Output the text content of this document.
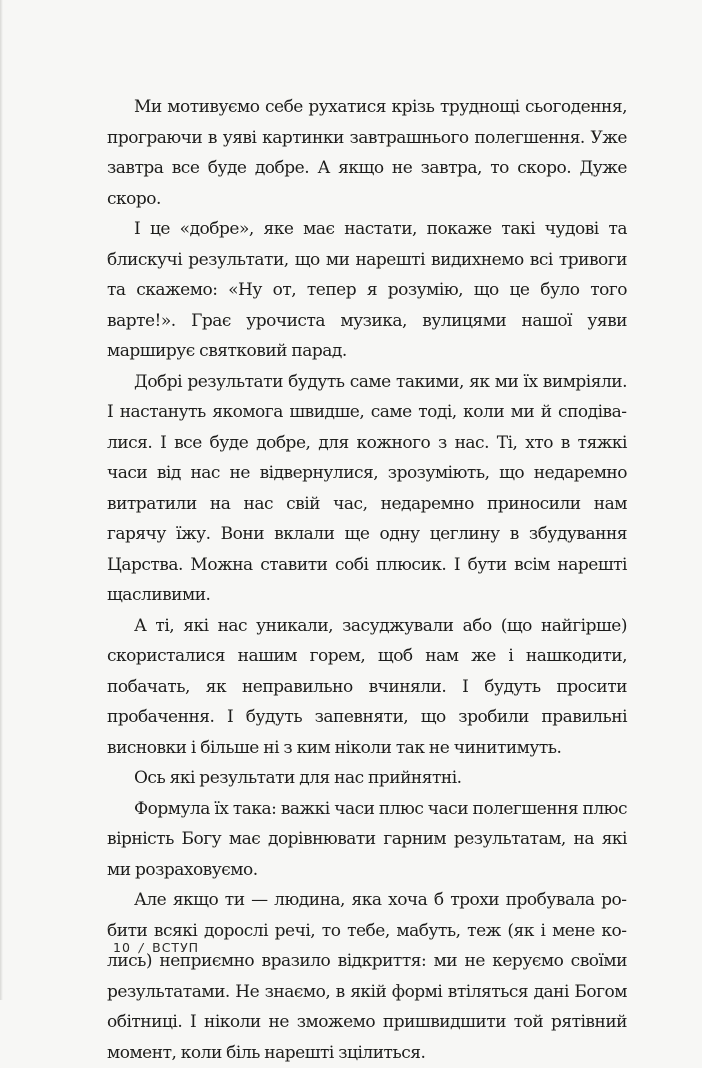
Ми мотивуємо себе рухатися крізь труднощі сьогодення, програючи в уяві картинки завтрашнього полегшення. Уже завтра все буде добре. А якщо не завтра, то скоро. Дуже скоро.

І це «добре», яке має настати, покаже такі чудові та блискучі результати, що ми нарешті видихнемо всі тривоги та скажемо: «Ну от, тепер я розумію, що це було того варте!». Грає урочиста музика, вулицями нашої уяви марширує святковий парад.

Добрі результати будуть саме такими, як ми їх вимріяли. І настануть якомога швидше, саме тоді, коли ми й сподівалися. І все буде добре, для кожного з нас. Ті, хто в тяжкі часи від нас не відвернулися, зрозуміють, що недаремно витратили на нас свій час, недаремно приносили нам гарячу їжу. Вони вклали ще одну цеглину в збудування Царства. Можна ставити собі плюсик. І бути всім нарешті щасливими.

А ті, які нас уникали, засуджували або (що найгірше) скористалися нашим горем, щоб нам же і нашкодити, побачать, як неправильно вчиняли. І будуть просити пробачення. І будуть запевняти, що зробили правильні висновки і більше ні з ким ніколи так не чинитимуть.

Ось які результати для нас прийнятні.

Формула їх така: важкі часи плюс часи полегшення плюс вірність Богу має дорівнювати гарним результатам, на які ми розраховуємо.

Але якщо ти — людина, яка хоча б трохи пробувала робити всякі дорослі речі, то тебе, мабуть, теж (як і мене колись) неприємно вразило відкриття: ми не керуємо своїми результатами. Не знаємо, в якій формі втіляться дані Богом обітниці. І ніколи не зможемо пришвидшити той рятівний момент, коли біль нарешті зцілиться.

10 / ВСТУП
